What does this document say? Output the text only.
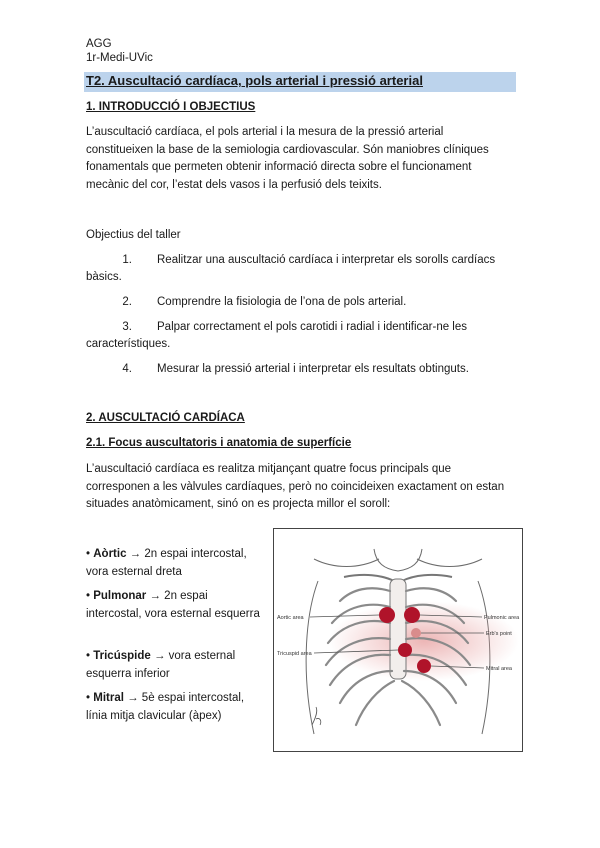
AGG
1r-Medi-UVic
T2. Auscultació cardíaca, pols arterial i pressió arterial
1. INTRODUCCIÓ I OBJECTIUS
L’auscultació cardíaca, el pols arterial i la mesura de la pressió arterial
constitueixen la base de la semiologia cardiovascular. Són maniobres clíniques
fonamentals que permeten obtenir informació directa sobre el funcionament
mecànic del cor, l’estat dels vasos i la perfusió dels teixits.
Objectius del taller
1.	Realitzar una auscultació cardíaca i interpretar els sorolls cardíacs bàsics.
2.	Comprendre la fisiologia de l’ona de pols arterial.
3.	Palpar correctament el pols carotidi i radial i identificar-ne les característiques.
4.	Mesurar la pressió arterial i interpretar els resultats obtinguts.
2. AUSCULTACIÓ CARDÍACA
2.1. Focus auscultatoris i anatomia de superfície
L’auscultació cardíaca es realitza mitjançant quatre focus principals que
corresponen a les vàlvules cardíaques, però no coincideixen exactament on estan
situades anatòmicament, sinó on es projecta millor el soroll:
• Aòrtic → 2n espai intercostal, vora esternal dreta
• Pulmonar → 2n espai intercostal, vora esternal esquerra
• Tricúspide → vora esternal esquerra inferior
• Mitral → 5è espai intercostal, línia mitja clavicular (àpex)
Aortic area	Pulmonic area
Erb's point
Tricuspid area
Mitral area
